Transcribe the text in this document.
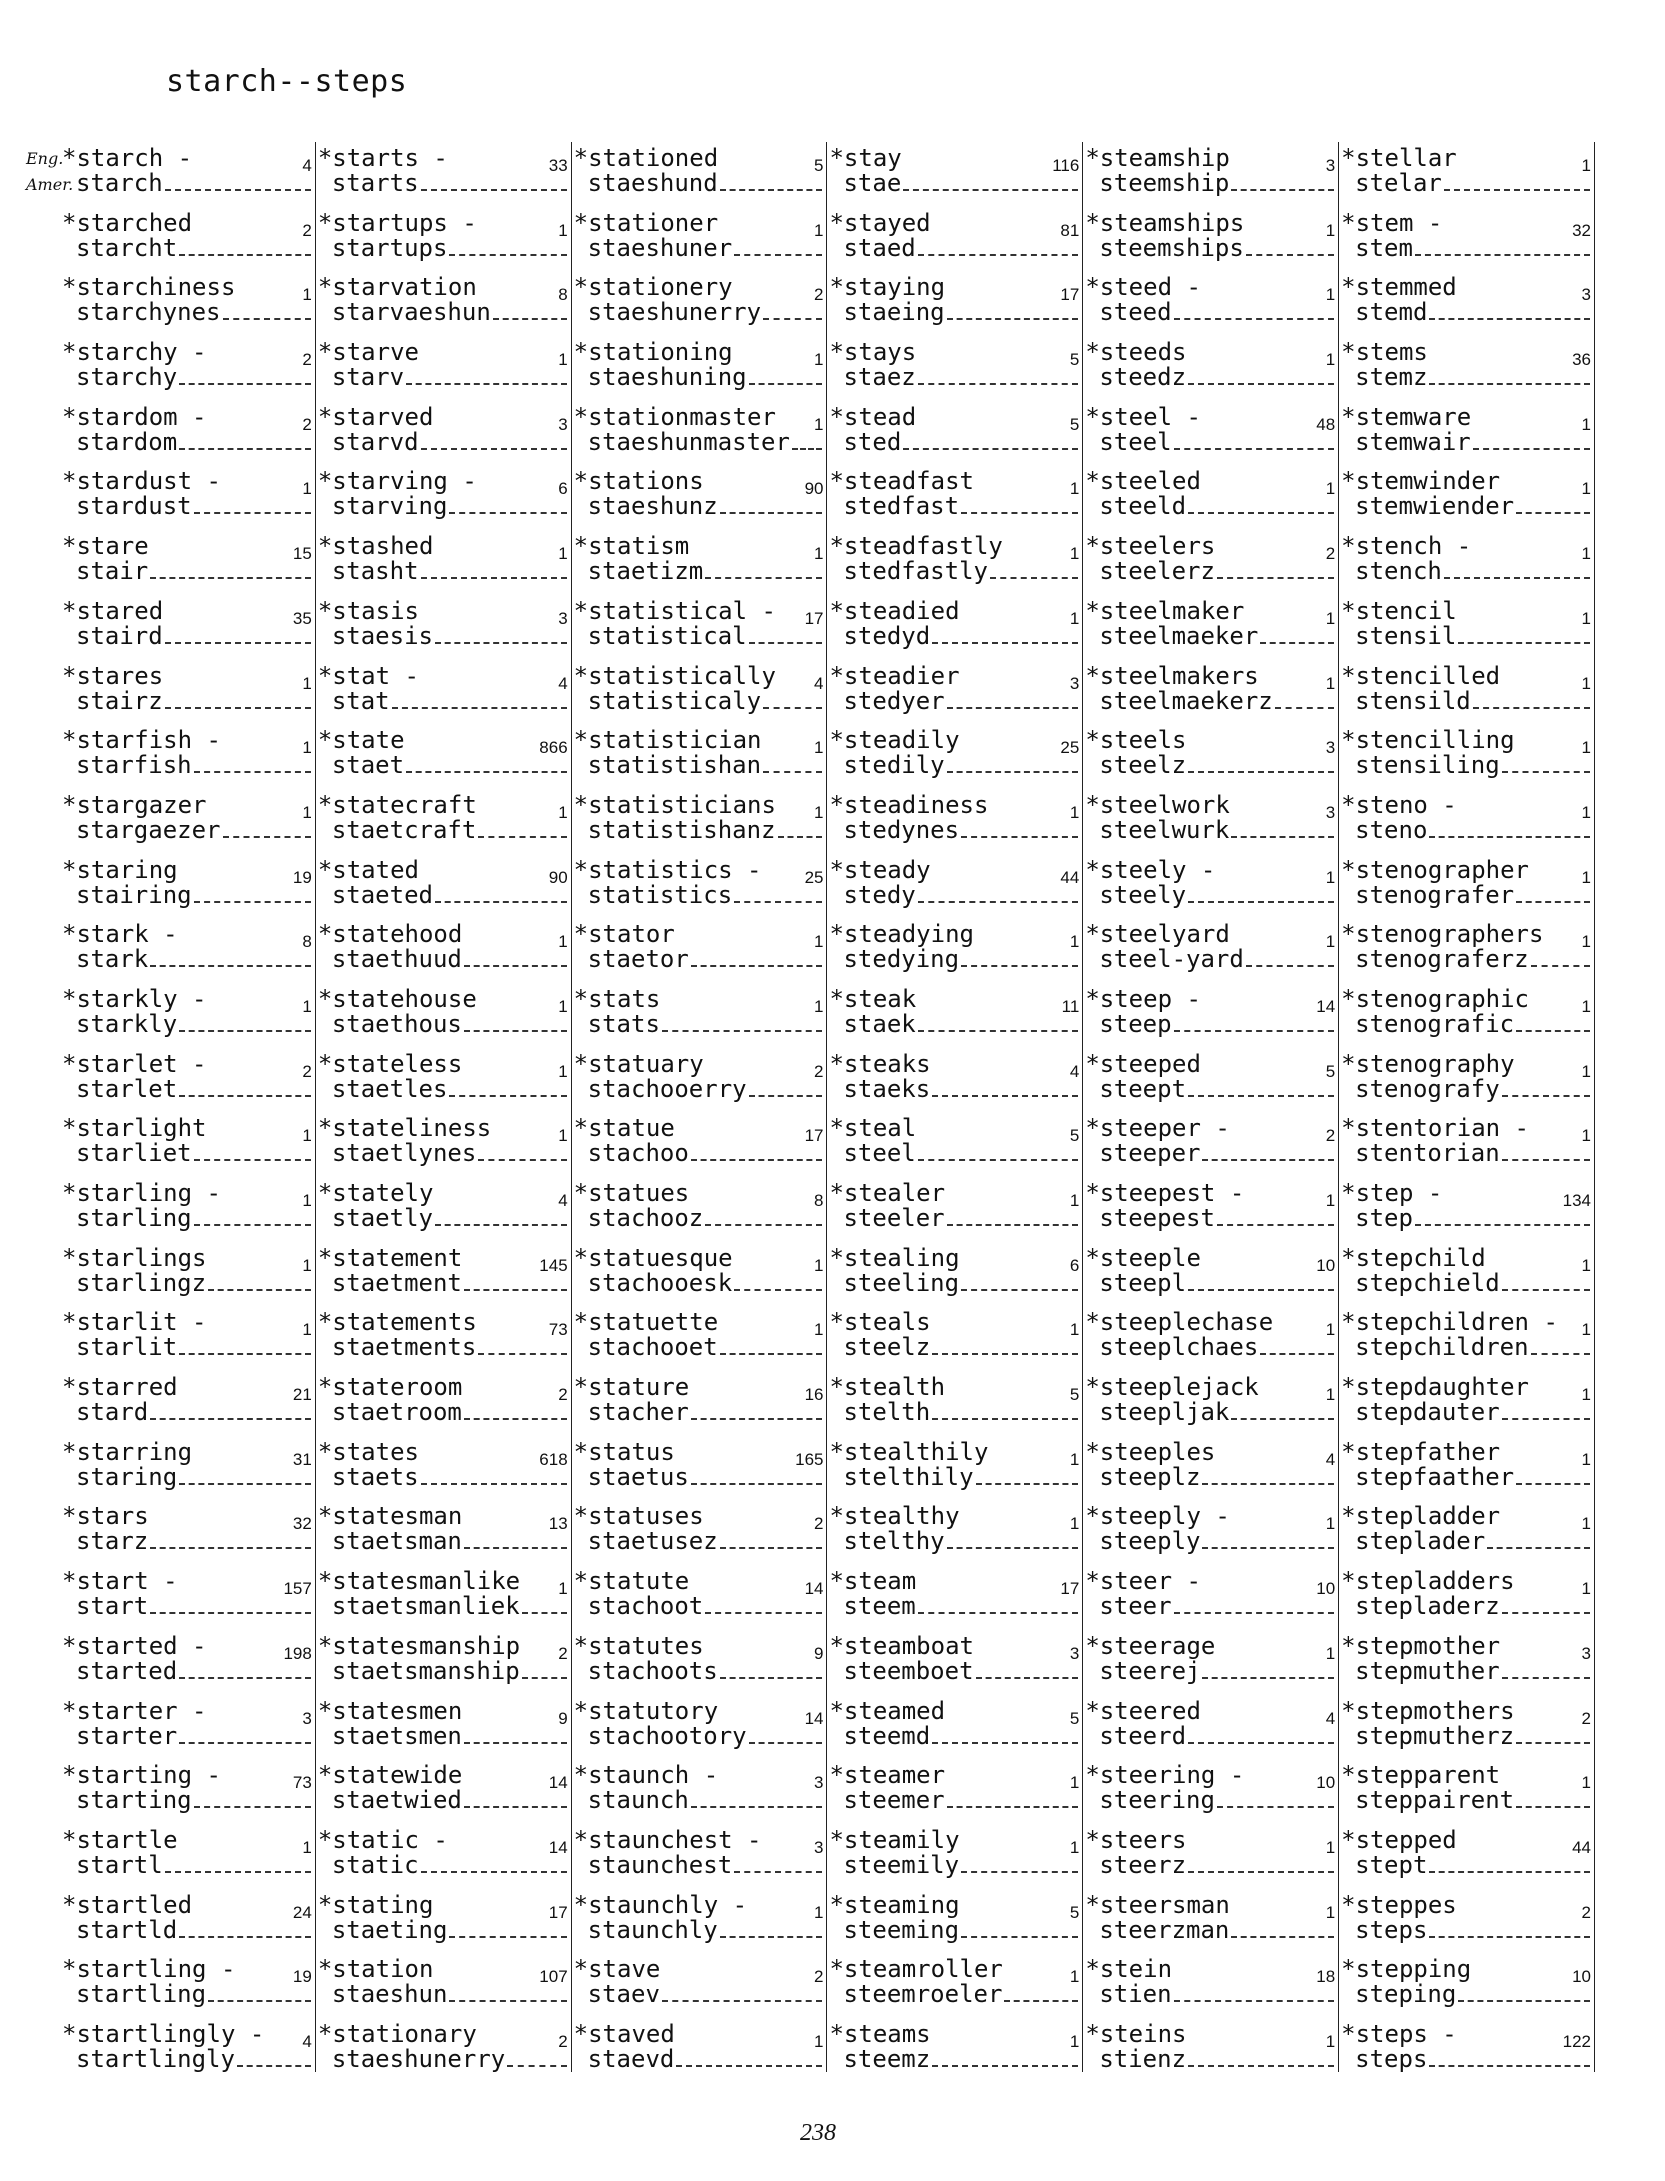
starch--steps
Eng.
Amer.
*starch -
starch
4
*starched
starcht
2
*starchiness
starchynes
1
*starchy -
starchy
2
*stardom -
stardom
2
*stardust -
stardust
1
*stare
stair
15
*stared
staird
35
*stares
stairz
1
*starfish -
starfish
1
*stargazer
stargaezer
1
*staring
stairing
19
*stark -
stark
8
*starkly -
starkly
1
*starlet -
starlet
2
*starlight
starliet
1
*starling -
starling
1
*starlings
starlingz
1
*starlit -
starlit
1
*starred
stard
21
*starring
staring
31
*stars
starz
32
*start -
start
157
*started -
started
198
*starter -
starter
3
*starting -
starting
73
*startle
startl
1
*startled
startld
24
*startling -
startling
19
*startlingly -
startlingly
4
*starts -
starts
33
*startups -
startups
1
*starvation
starvaeshun
8
*starve
starv
1
*starved
starvd
3
*starving -
starving
6
*stashed
stasht
1
*stasis
staesis
3
*stat -
stat
4
*state
staet
866
*statecraft
staetcraft
1
*stated
staeted
90
*statehood
staethuud
1
*statehouse
staethous
1
*stateless
staetles
1
*stateliness
staetlynes
1
*stately
staetly
4
*statement
staetment
145
*statements
staetments
73
*stateroom
staetroom
2
*states
staets
618
*statesman
staetsman
13
*statesmanlike
staetsmanliek
1
*statesmanship
staetsmanship
2
*statesmen
staetsmen
9
*statewide
staetwied
14
*static -
static
14
*stating
staeting
17
*station
staeshun
107
*stationary
staeshunerry
2
*stationed
staeshund
5
*stationer
staeshuner
1
*stationery
staeshunerry
2
*stationing
staeshuning
1
*stationmaster
staeshunmaster
1
*stations
staeshunz
90
*statism
staetizm
1
*statistical -
statistical
17
*statistically
statisticaly
4
*statistician
statistishan
1
*statisticians
statistishanz
1
*statistics -
statistics
25
*stator
staetor
1
*stats
stats
1
*statuary
stachooerry
2
*statue
stachoo
17
*statues
stachooz
8
*statuesque
stachooesk
1
*statuette
stachooet
1
*stature
stacher
16
*status
staetus
165
*statuses
staetusez
2
*statute
stachoot
14
*statutes
stachoots
9
*statutory
stachootory
14
*staunch -
staunch
3
*staunchest -
staunchest
3
*staunchly -
staunchly
1
*stave
staev
2
*staved
staevd
1
*stay
stae
116
*stayed
staed
81
*staying
staeing
17
*stays
staez
5
*stead
sted
5
*steadfast
stedfast
1
*steadfastly
stedfastly
1
*steadied
stedyd
1
*steadier
stedyer
3
*steadily
stedily
25
*steadiness
stedynes
1
*steady
stedy
44
*steadying
stedying
1
*steak
staek
11
*steaks
staeks
4
*steal
steel
5
*stealer
steeler
1
*stealing
steeling
6
*steals
steelz
1
*stealth
stelth
5
*stealthily
stelthily
1
*stealthy
stelthy
1
*steam
steem
17
*steamboat
steemboet
3
*steamed
steemd
5
*steamer
steemer
1
*steamily
steemily
1
*steaming
steeming
5
*steamroller
steemroeler
1
*steams
steemz
1
*steamship
steemship
3
*steamships
steemships
1
*steed -
steed
1
*steeds
steedz
1
*steel -
steel
48
*steeled
steeld
1
*steelers
steelerz
2
*steelmaker
steelmaeker
1
*steelmakers
steelmaekerz
1
*steels
steelz
3
*steelwork
steelwurk
3
*steely -
steely
1
*steelyard
steel-yard
1
*steep -
steep
14
*steeped
steept
5
*steeper -
steeper
2
*steepest -
steepest
1
*steeple
steepl
10
*steeplechase
steeplchaes
1
*steeplejack
steepljak
1
*steeples
steeplz
4
*steeply -
steeply
1
*steer -
steer
10
*steerage
steerej
1
*steered
steerd
4
*steering -
steering
10
*steers
steerz
1
*steersman
steerzman
1
*stein
stien
18
*steins
stienz
1
*stellar
stelar
1
*stem -
stem
32
*stemmed
stemd
3
*stems
stemz
36
*stemware
stemwair
1
*stemwinder
stemwiender
1
*stench -
stench
1
*stencil
stensil
1
*stencilled
stensild
1
*stencilling
stensiling
1
*steno -
steno
1
*stenographer
stenografer
1
*stenographers
stenograferz
1
*stenographic
stenografic
1
*stenography
stenografy
1
*stentorian -
stentorian
1
*step -
step
134
*stepchild
stepchield
1
*stepchildren -
stepchildren
1
*stepdaughter
stepdauter
1
*stepfather
stepfaather
1
*stepladder
steplader
1
*stepladders
stepladerz
1
*stepmother
stepmuther
3
*stepmothers
stepmutherz
2
*stepparent
steppairent
1
*stepped
stept
44
*steppes
steps
2
*stepping
steping
10
*steps -
steps
122
238
